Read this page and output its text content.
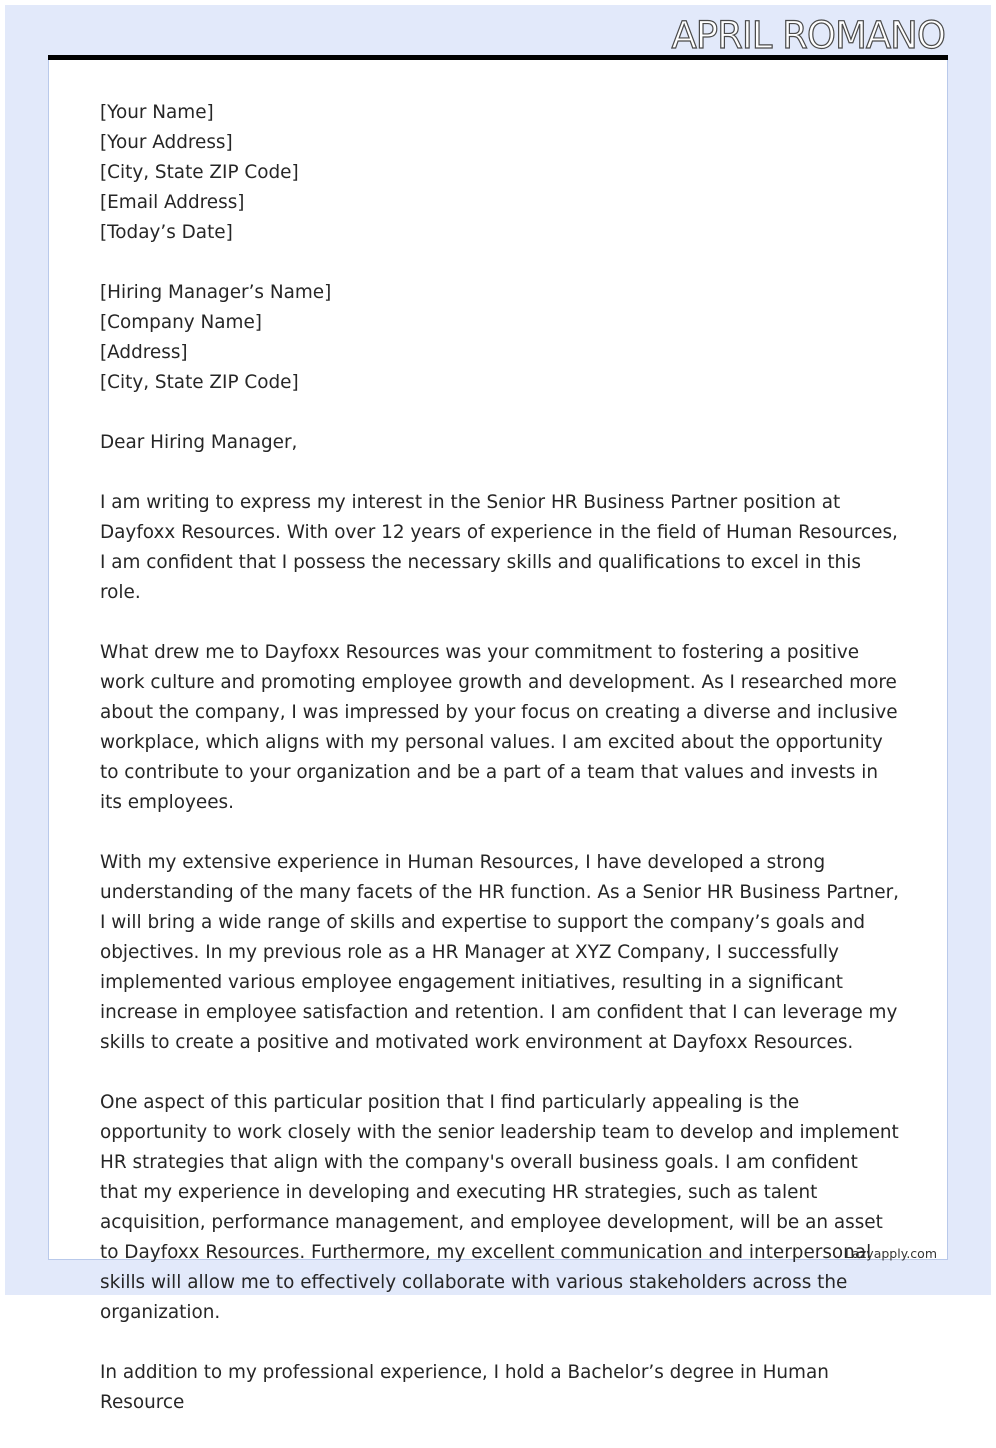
APRIL ROMANO
[Your Name]
[Your Address]
[City, State ZIP Code]
[Email Address]
[Today’s Date]
[Hiring Manager’s Name]
[Company Name]
[Address]
[City, State ZIP Code]

Dear Hiring Manager,

I am writing to express my interest in the Senior HR Business Partner position at Dayfoxx Resources. With over 12 years of experience in the field of Human Resources, I am confident that I possess the necessary skills and qualifications to excel in this role.

What drew me to Dayfoxx Resources was your commitment to fostering a positive work culture and promoting employee growth and development. As I researched more about the company, I was impressed by your focus on creating a diverse and inclusive workplace, which aligns with my personal values. I am excited about the opportunity to contribute to your organization and be a part of a team that values and invests in its employees.

With my extensive experience in Human Resources, I have developed a strong understanding of the many facets of the HR function. As a Senior HR Business Partner, I will bring a wide range of skills and expertise to support the company’s goals and objectives. In my previous role as a HR Manager at XYZ Company, I successfully implemented various employee engagement initiatives, resulting in a significant increase in employee satisfaction and retention. I am confident that I can leverage my skills to create a positive and motivated work environment at Dayfoxx Resources.

One aspect of this particular position that I find particularly appealing is the opportunity to work closely with the senior leadership team to develop and implement HR strategies that align with the company's overall business goals. I am confident that my experience in developing and executing HR strategies, such as talent acquisition, performance management, and employee development, will be an asset to Dayfoxx Resources. Furthermore, my excellent communication and interpersonal skills will allow me to effectively collaborate with various stakeholders across the organization.

In addition to my professional experience, I hold a Bachelor’s degree in Human Resource

Lazyapply.com
